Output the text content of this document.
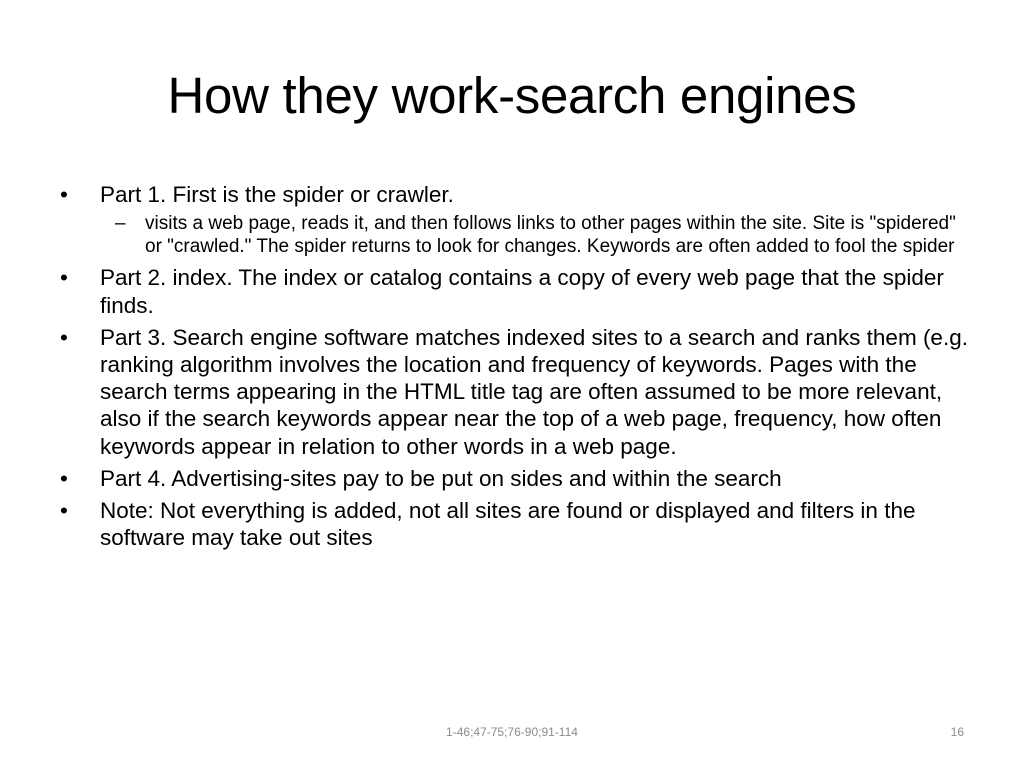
How they work-search engines
•	Part 1. First is the spider or crawler.
– visits a web page, reads it, and then follows links to other pages within the site. Site is "spidered" or "crawled." The spider returns to look for changes. Keywords are often added to fool the spider
•	Part 2. index. The index or catalog contains a copy of every web page that the spider finds.
•	Part 3. Search engine software matches indexed sites to a search and ranks them (e.g. ranking algorithm involves the location and frequency of keywords. Pages with the search terms appearing in the HTML title tag are often assumed to be more relevant, also if the search keywords appear near the top of a web page, frequency, how often keywords appear in relation to other words in a web page.
•	Part 4. Advertising-sites pay to be put on sides and within the search
•	Note: Not everything is added, not all sites are found or displayed and filters in the software may take out sites
1-46;47-75;76-90;91-114	16
